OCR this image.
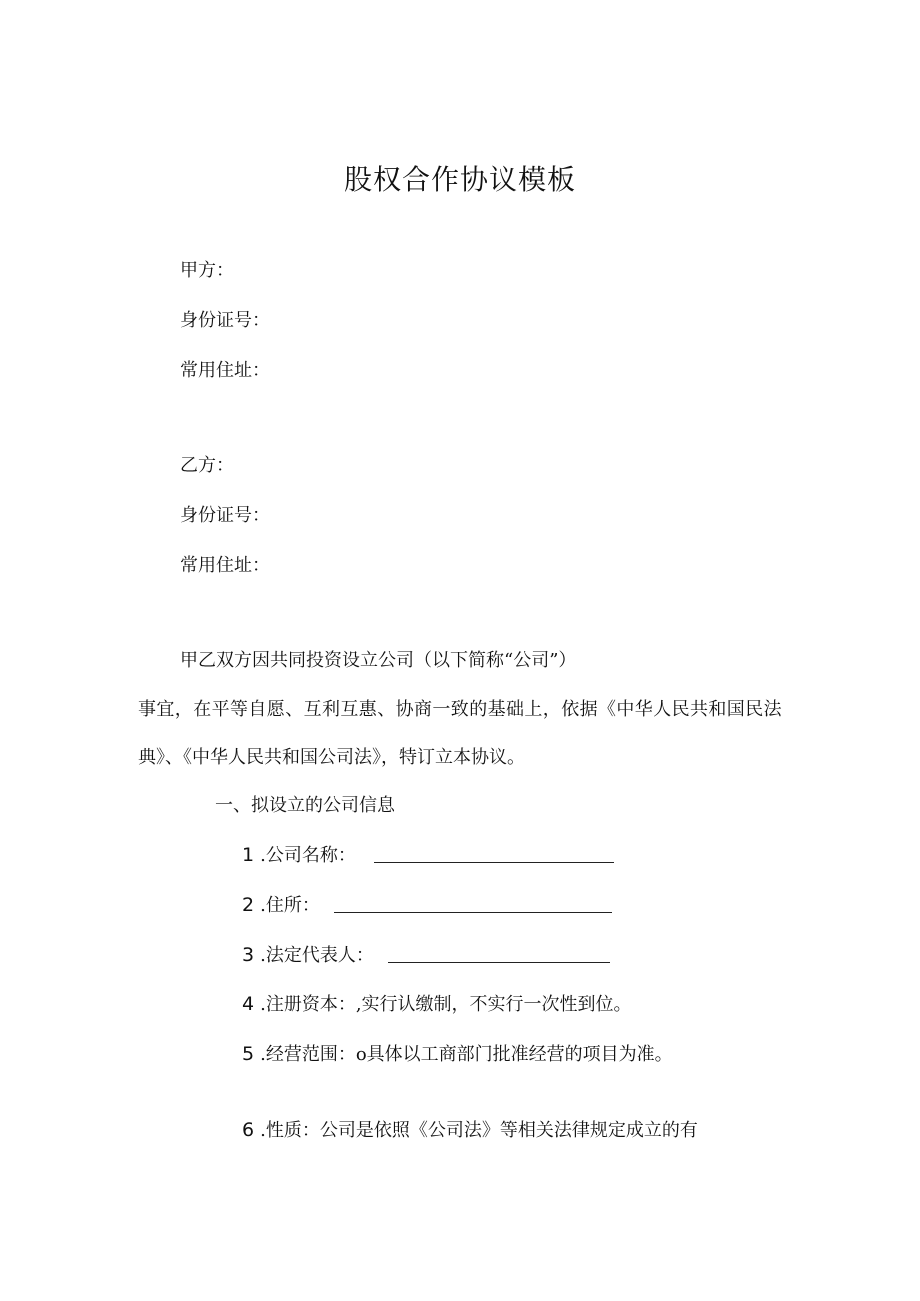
股权合作协议模板
甲方：
身份证号：
常用住址：
乙方：
身份证号：
常用住址：
甲乙双方因共同投资设立公司（以下简称“公司”）
事宜，在平等自愿、互利互惠、协商一致的基础上，依据《中华人民共和国民法
典》、《中华人民共和国公司法》，特订立本协议。
一、拟设立的公司信息
1 .公司名称：
2 .住所：
3 .法定代表人：
4 .注册资本：,实行认缴制，不实行一次性到位。
5 .经营范围：o具体以工商部门批准经营的项目为准。
6 .性质：公司是依照《公司法》等相关法律规定成立的有
